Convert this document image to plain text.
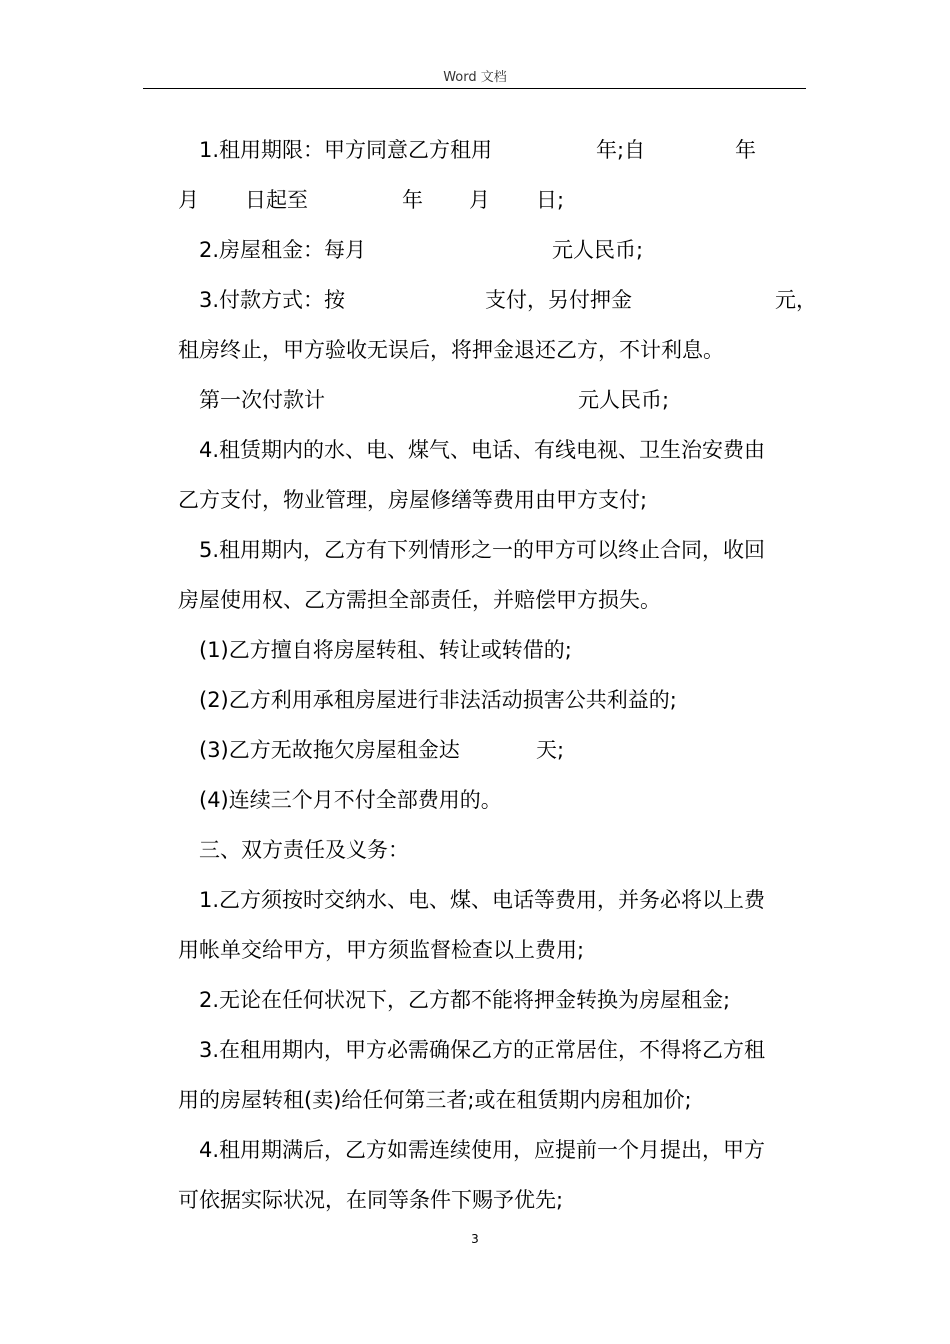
Word 文档
1.租用期限：甲方同意乙方租用	年;自	年
月 日起至	年 月 日;
2.房屋租金：每月	元人民币;
3.付款方式：按	支付，另付押金	元，
租房终止，甲方验收无误后，将押金退还乙方，不计利息。
第一次付款计	元人民币;
4.租赁期内的水、电、煤气、电话、有线电视、卫生治安费由
乙方支付，物业管理，房屋修缮等费用由甲方支付;
5.租用期内，乙方有下列情形之一的甲方可以终止合同，收回
房屋使用权、乙方需担全部责任，并赔偿甲方损失。
(1)乙方擅自将房屋转租、转让或转借的;
(2)乙方利用承租房屋进行非法活动损害公共利益的;
(3)乙方无故拖欠房屋租金达	天;
(4)连续三个月不付全部费用的。
三、双方责任及义务：
1.乙方须按时交纳水、电、煤、电话等费用，并务必将以上费
用帐单交给甲方，甲方须监督检查以上费用;
2.无论在任何状况下，乙方都不能将押金转换为房屋租金;
3.在租用期内，甲方必需确保乙方的正常居住，不得将乙方租
用的房屋转租(卖)给任何第三者;或在租赁期内房租加价;
4.租用期满后，乙方如需连续使用，应提前一个月提出，甲方
可依据实际状况，在同等条件下赐予优先;
3
